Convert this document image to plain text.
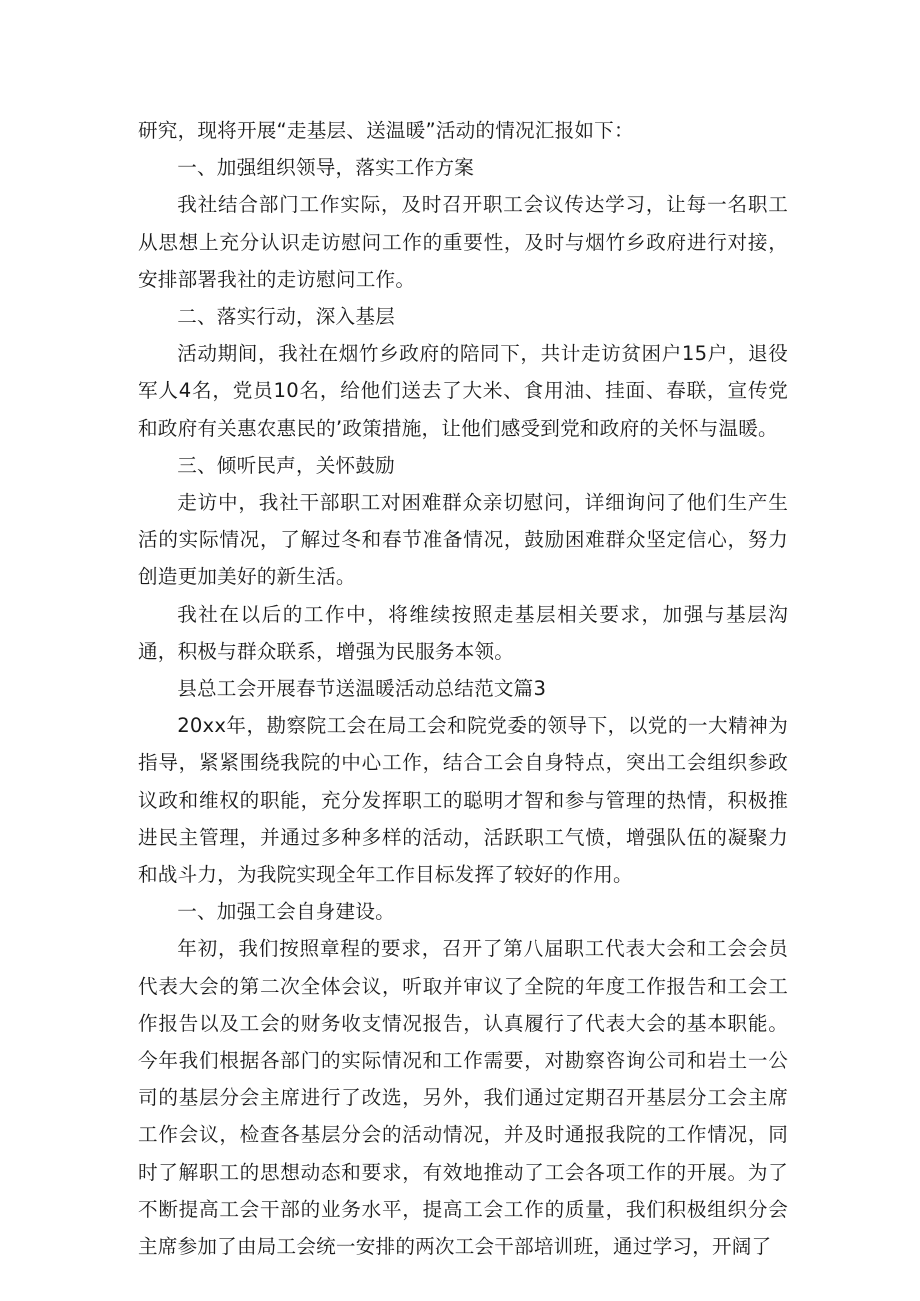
研究，现将开展“走基层、送温暖”活动的情况汇报如下：

一、加强组织领导，落实工作方案

我社结合部门工作实际，及时召开职工会议传达学习，让每一名职工从思想上充分认识走访慰问工作的重要性，及时与烟竹乡政府进行对接，安排部署我社的走访慰问工作。

二、落实行动，深入基层

活动期间，我社在烟竹乡政府的陪同下，共计走访贫困户15户，退役军人4名，党员10名，给他们送去了大米、食用油、挂面、春联，宣传党和政府有关惠农惠民的’政策措施，让他们感受到党和政府的关怀与温暖。

三、倾听民声，关怀鼓励

走访中，我社干部职工对困难群众亲切慰问，详细询问了他们生产生活的实际情况，了解过冬和春节准备情况，鼓励困难群众坚定信心，努力创造更加美好的新生活。

我社在以后的工作中，将维续按照走基层相关要求，加强与基层沟通，积极与群众联系，增强为民服务本领。

县总工会开展春节送温暖活动总结范文篇3

20xx年，勘察院工会在局工会和院党委的领导下，以党的一大精神为指导，紧紧围绕我院的中心工作，结合工会自身特点，突出工会组织参政议政和维权的职能，充分发挥职工的聪明才智和参与管理的热情，积极推进民主管理，并通过多种多样的活动，活跃职工气愤，增强队伍的凝聚力和战斗力，为我院实现全年工作目标发挥了较好的作用。

一、加强工会自身建设。

年初，我们按照章程的要求，召开了第八届职工代表大会和工会会员代表大会的第二次全体会议，听取并审议了全院的年度工作报告和工会工作报告以及工会的财务收支情况报告，认真履行了代表大会的基本职能。今年我们根据各部门的实际情况和工作需要，对勘察咨询公司和岩土一公司的基层分会主席进行了改选，另外，我们通过定期召开基层分工会主席工作会议，检查各基层分会的活动情况，并及时通报我院的工作情况，同时了解职工的思想动态和要求，有效地推动了工会各项工作的开展。为了不断提高工会干部的业务水平，提高工会工作的质量，我们积极组织分会主席参加了由局工会统一安排的两次工会干部培训班，通过学习，开阔了
